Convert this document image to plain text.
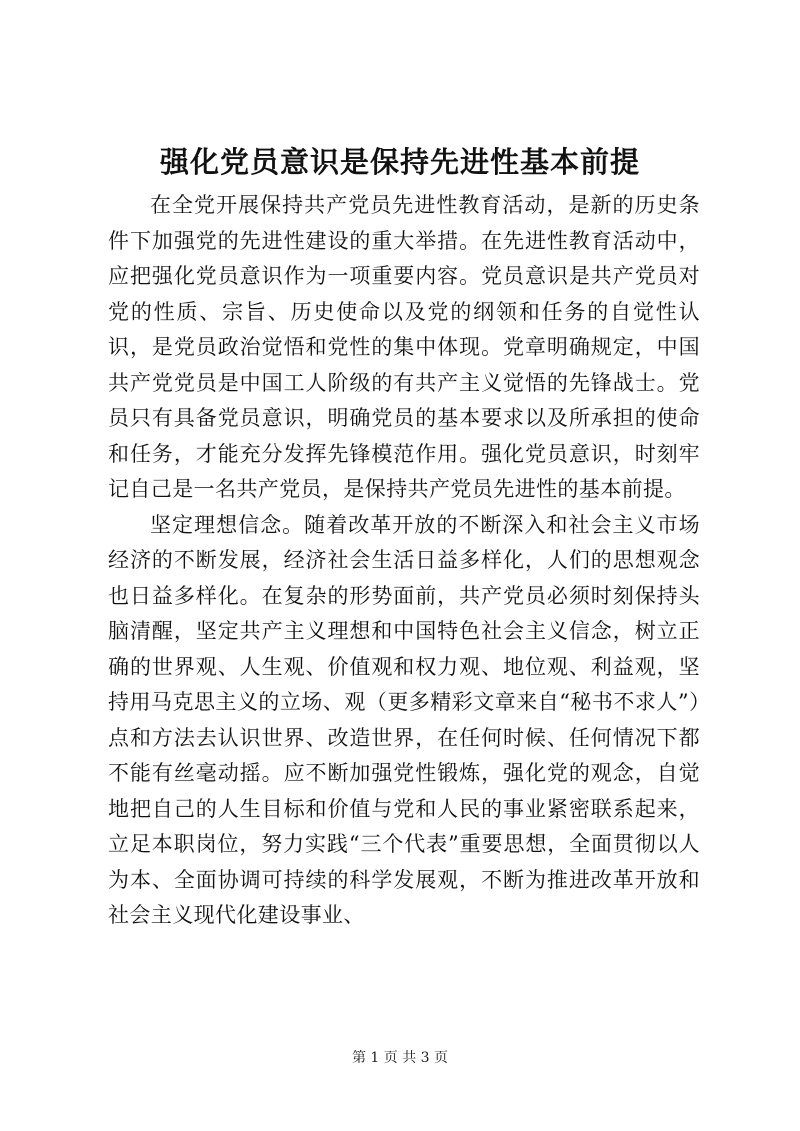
强化党员意识是保持先进性基本前提

在全党开展保持共产党员先进性教育活动，是新的历史条件下加强党的先进性建设的重大举措。在先进性教育活动中，应把强化党员意识作为一项重要内容。党员意识是共产党员对党的性质、宗旨、历史使命以及党的纲领和任务的自觉性认识，是党员政治觉悟和党性的集中体现。党章明确规定，中国共产党党员是中国工人阶级的有共产主义觉悟的先锋战士。党员只有具备党员意识，明确党员的基本要求以及所承担的使命和任务，才能充分发挥先锋模范作用。强化党员意识，时刻牢记自己是一名共产党员，是保持共产党员先进性的基本前提。

坚定理想信念。随着改革开放的不断深入和社会主义市场经济的不断发展，经济社会生活日益多样化，人们的思想观念也日益多样化。在复杂的形势面前，共产党员必须时刻保持头脑清醒，坚定共产主义理想和中国特色社会主义信念，树立正确的世界观、人生观、价值观和权力观、地位观、利益观，坚持用马克思主义的立场、观（更多精彩文章来自“秘书不求人”）点和方法去认识世界、改造世界，在任何时候、任何情况下都不能有丝毫动摇。应不断加强党性锻炼，强化党的观念，自觉地把自己的人生目标和价值与党和人民的事业紧密联系起来，立足本职岗位，努力实践“三个代表”重要思想，全面贯彻以人为本、全面协调可持续的科学发展观，不断为推进改革开放和社会主义现代化建设事业、

第 1 页 共 3 页
